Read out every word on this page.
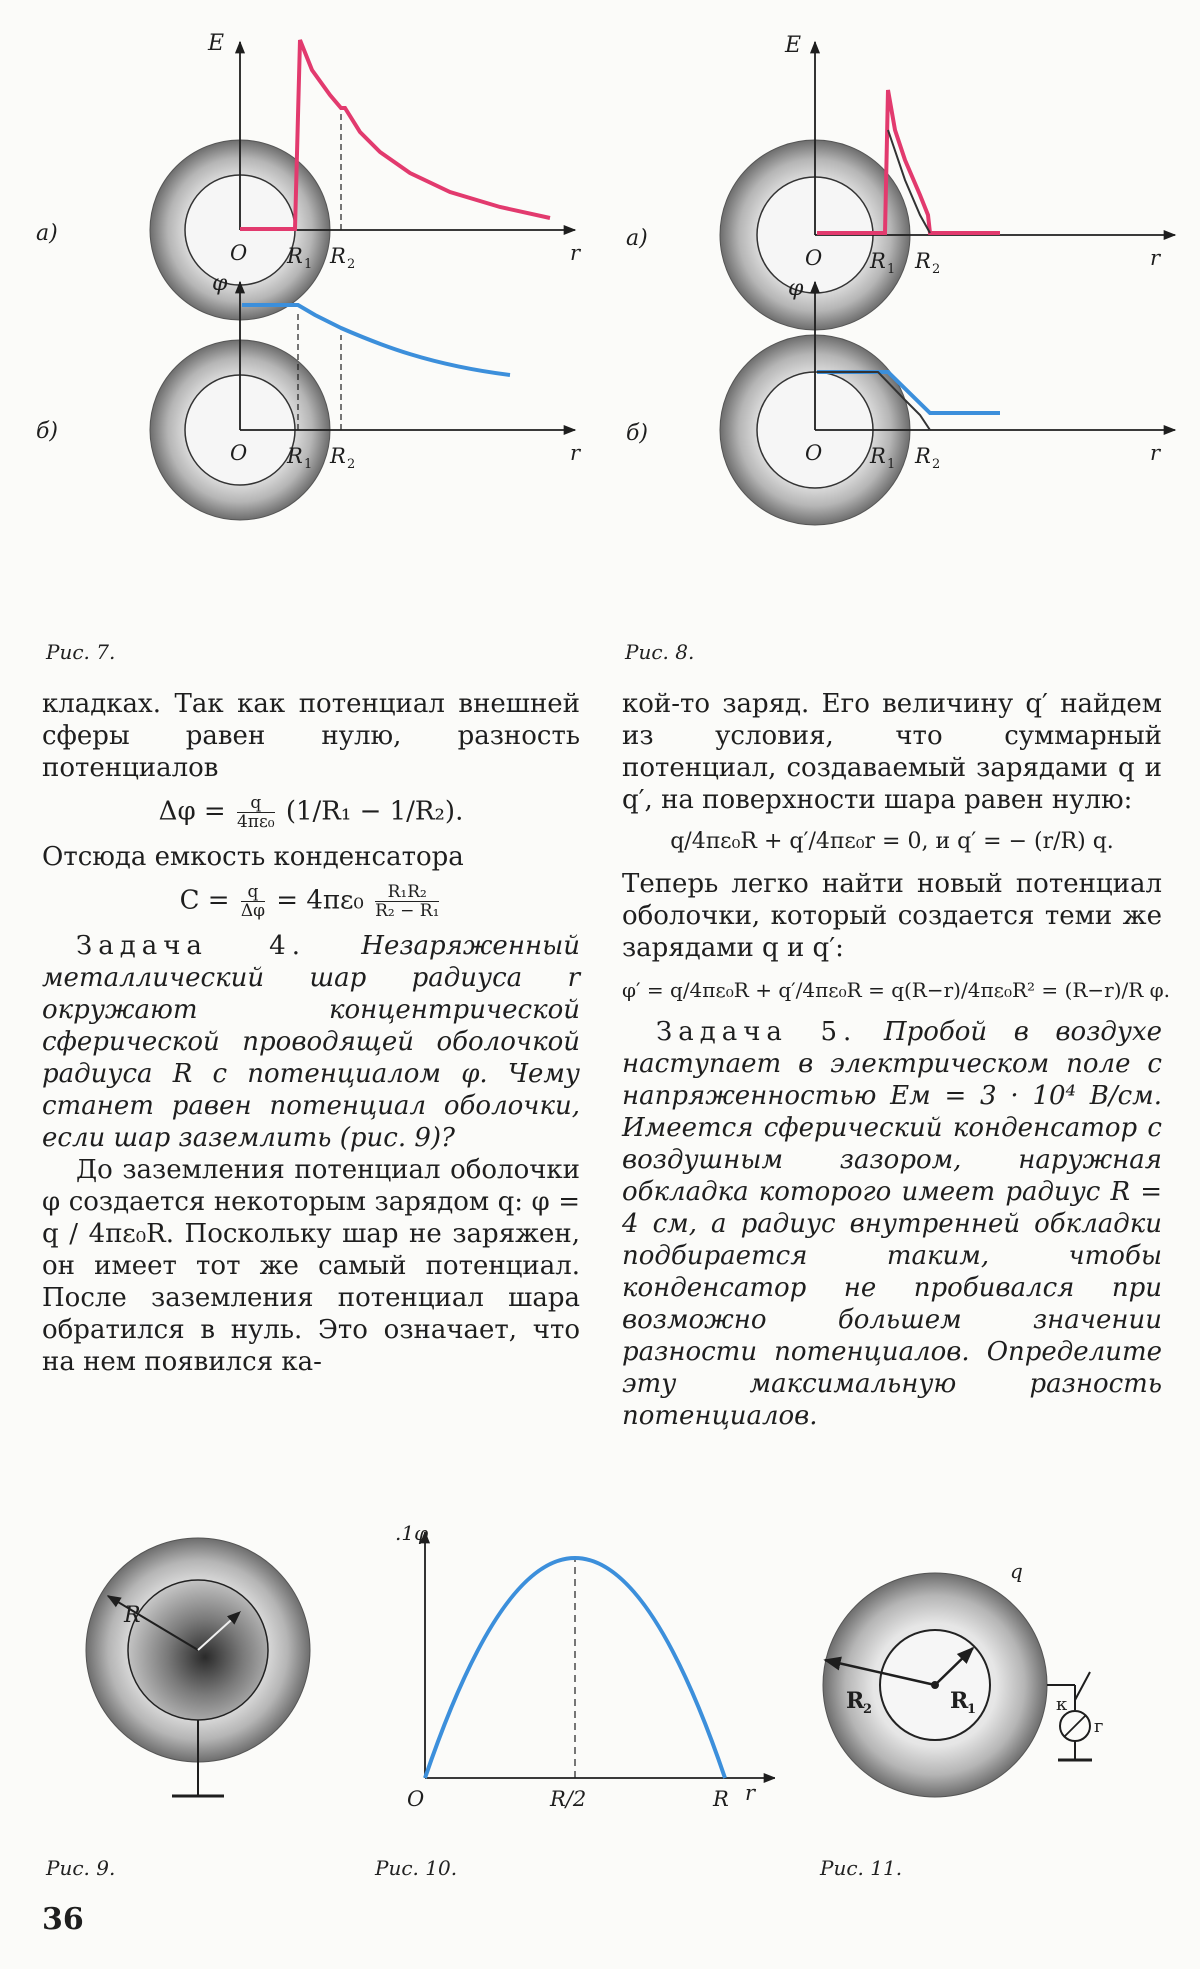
а)
E
O R 1 R 2	r
б)
φ
O R 1 R 2	r
Рис. 7.
а)
E
O R 1 R 2	r
б)
φ
O R 1 R 2	r
Рис. 8.

кладках. Так как потенциал внешней сферы равен нулю, разность потенциалов

$\Delta\varphi = \frac{q}{\text{4πε₀}} (1/R_1 - 1/R_2)$.

Отсюда емкость конденсатора

$C = \frac{q}{\Delta\varphi} = 4\pi\varepsilon_0 \frac{\text{R₁R₂}}{\text{R₂ − R₁}}$

Задача 4. Незаряженный металлический шар радиуса r окружают концентрической сферической проводящей оболочкой радиуса R с потенциалом φ. Чему станет равен потенциал оболочки, если шар заземлить (рис. 9)?

До заземления потенциал оболочки φ создается некоторым зарядом q: φ = q / 4πε₀R. Поскольку шар не заряжен, он имеет тот же самый потенциал. После заземления потенциал шара обратился в нуль. Это означает, что на нем появился ка-

кой-то заряд. Его величину q′ найдем из условия, что суммарный потенциал, создаваемый зарядами q и q′, на поверхности шара равен нулю:

q/4πε₀R + q′/4πε₀r = 0, и q′ = − (r/R) q.

Теперь легко найти новый потенциал оболочки, который создается теми же зарядами q и q′:

φ′ = q/4πε₀R + q′/4πε₀R = q(R−r)/4πε₀R² = (R−r)/R φ.

Задача 5. Пробой в воздухе наступает в электрическом поле с напряженностью Eм = 3 · 10⁴ В/см. Имеется сферический конденсатор с воздушным зазором, наружная обкладка которого имеет радиус R = 4 см, а радиус внутренней обкладки подбирается таким, чтобы конденсатор не пробивался при возможно большем значении разности потенциалов. Определите эту максимальную разность потенциалов.

R
Рис. 9.
.1φ
O	R/2	R r
Рис. 10.
q
R
2	R
1	к
г
Рис. 11.
36
